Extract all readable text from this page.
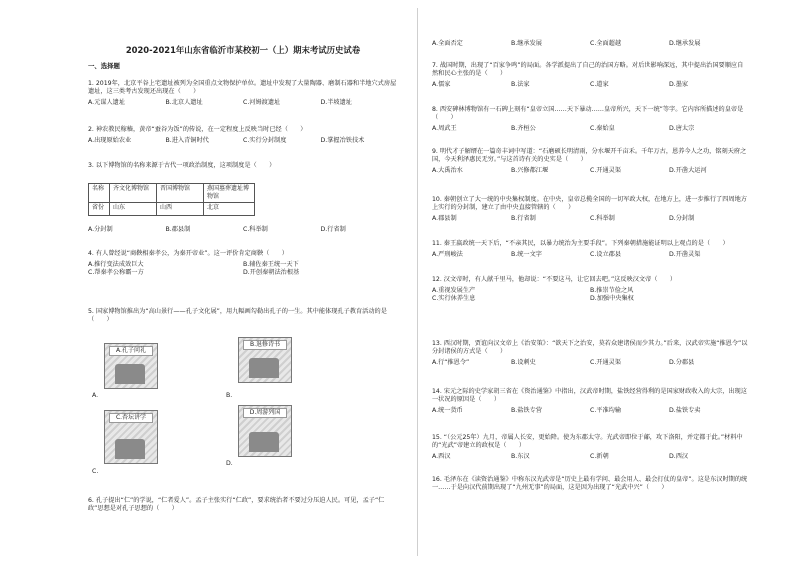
2020-2021年山东省临沂市某校初一（上）期末考试历史试卷
一、选择题
1. 2019年，北京平谷上宅遗址被列为全国重点文物保护单位。遗址中发现了大量陶器、磨制石器和半地穴式房屋遗址，这三类考古发现还出现在（　　）
A.元谋人遗址	B.北京人遗址	C.河姆渡遗址	D.半坡遗址
2. 神农教民稼穑，黄帝“蚕谷为饭”的传说，在一定程度上反映当时已经（　　）
A.出现原始农业	B.进入青铜时代	C.实行分封制度	D.掌握冶铁技术
3. 以下博物馆的名称来源于古代一项政治制度，这项制度是（　　）
名称	齐文化博物馆	晋国博物馆	燕国墓葬遗址博物馆
省份	山东	山西	北京
A.分封制	B.郡县制	C.科举制	D.行省制
4. 有人曾经说“商鞅相秦孝公，为秦开帝业”。这一评价肯定商鞅（　　）
A.推行变法成效巨大	B.辅佐秦王统一天下
C.帮秦孝公称霸一方	D.开创秦朝法治根基
5. 国家博物馆推出为“高山景行——孔子文化展”，用九幅画勾勒出孔子的一生。其中能体现孔子教育活动的是（　　）
A.孔子问礼
A.
B.退修诗书
B.
C.杏坛讲学
C.
D.周游列国
D.
6. 孔子提出“仁”的学说，“仁者爱人”。孟子主张实行“仁政”，要求统治者不要过分压迫人民。可见，孟子“仁政”思想是对孔子思想的（　　）
A.全面否定	B.继承发展	C.全面超越	D.继承发展
7. 战国时期，出现了“百家争鸣”的局面。各学派提出了自己的治国方略。对后世影响深远，其中提出治国要顺应自然和民心主张的是（　　）
A.儒家	B.法家	C.道家	D.墨家
8. 西安碑林博物馆有一石碑上刻有“皇帝立国……天下暴动……皇帝所兴，天下一统”等字。它内容所描述的皇帝是（　　）
A.周武王	B.齐桓公	C.秦始皇	D.唐太宗
9. 明代才子解缙在一篇奇丰词中写道：“石磨硕长明清雨，分水堰开千亩禾。千年万古，恩养今人之功，铭刻天府之国，今天利泽惠民无穷。”与这首诗有关的史实是（　　）
A.大禹治水	B.兴修都江堰	C.开通灵渠	D.开凿大运河
10. 秦朝创立了大一统的中央集权制度。在中央，皇帝总揽全国的一切军政大权，在地方上，进一步推行了四周地方上实行的分封制，建立了由中央直接管辖的（　　）
A.郡县制	B.行省制	C.科举制	D.分封制
11. 秦王嬴政统一天下后，“不亲其民，以暴力统治为主要手段”。下列秦朝措施能证明以上观点的是（　　）
A.严刑峻法	B.统一文字	C.设立郡县	D.开凿灵渠
12. 汉文帝时，有人献千里马，他却说：“不要这马，让它回去吧。”这反映汉文帝（　　）
A.重视发展生产	B.推崇节俭之风
C.实行休养生息	D.加强中央集权
13. 西汉时期，贾谊向汉文帝上《治安策》：“欲天下之治安，莫若众建诸侯而少其力。”后来，汉武帝实施“推恩令”以分封诸侯的方式是（　　）
A.行“推恩令”	B.设刺史	C.开通灵渠	D.分郡县
14. 宋元之际的史学家胡三省在《资治通鉴》中指出，汉武帝时期，盐铁经营得利的是国家财政收入的大宗，出现这一状况的原因是（　　）
A.统一货币	B.盐铁专营	C.平准均输	D.盐铁专卖
15. “（公元25年）九月，帝属人长安，更始降。使为东郡太守。光武帝即位于鄗，攻下洛阳，并定都于此。”材料中的“光武”帝建立的政权是（　　）
A.西汉	B.东汉	C.新朝	D.西汉
16. 毛泽东在《读资治通鉴》中称东汉光武帝是“历史上最有学问、最会用人、最会打仗的皇帝”。这是东汉时期的统一……于是向汉代前期出现了“九州无事”的局面，这是因为出现了“光武中兴”（　　）
